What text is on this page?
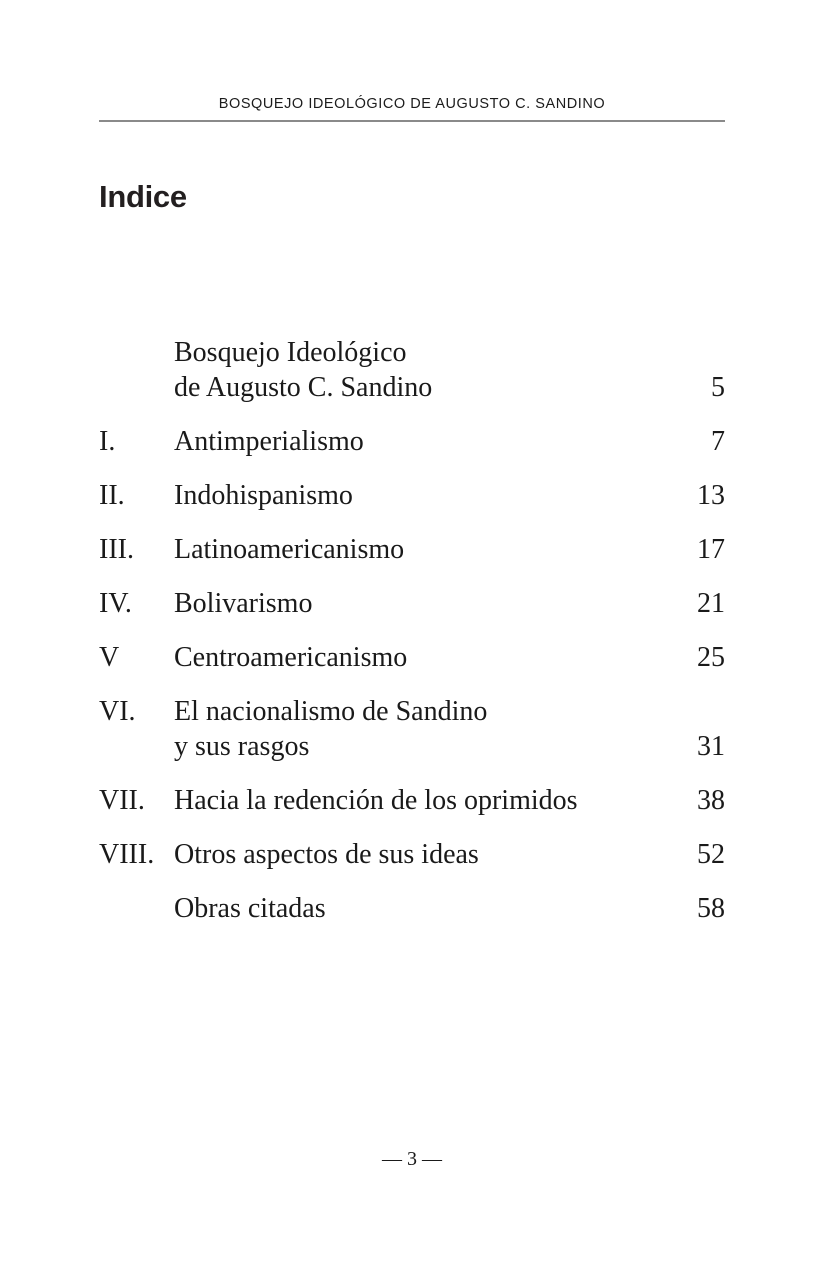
BOSQUEJO IDEOLÓGICO DE AUGUSTO C. SANDINO
Indice
Bosquejo Ideológico
de Augusto C. Sandino	5
I.	Antimperialismo	7
II.	Indohispanismo	13
III.	Latinoamericanismo	17
IV.	Bolivarismo	21
V	Centroamericanismo	25
VI.	El nacionalismo de Sandino
y sus rasgos	31
VII.	Hacia la redención de los oprimidos	38
VIII. Otros aspectos de sus ideas	52
Obras citadas	58
— 3 —
